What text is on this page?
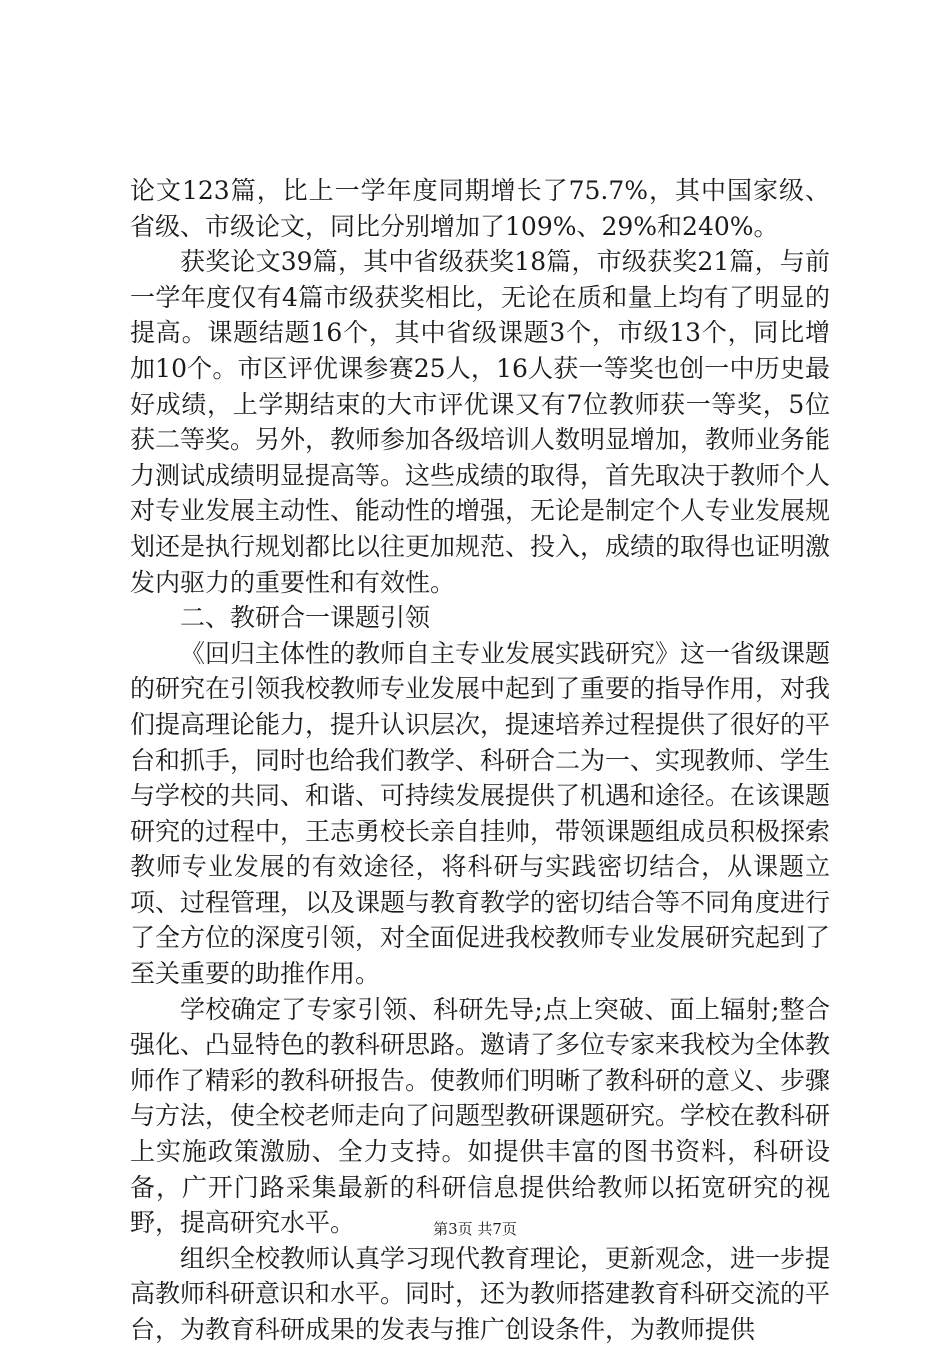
论文123篇，比上一学年度同期增长了75.7%，其中国家级、省级、市级论文，同比分别增加了109%、29%和240%。

获奖论文39篇，其中省级获奖18篇，市级获奖21篇，与前一学年度仅有4篇市级获奖相比，无论在质和量上均有了明显的提高。课题结题16个，其中省级课题3个，市级13个，同比增加10个。市区评优课参赛25人，16人获一等奖也创一中历史最好成绩，上学期结束的大市评优课又有7位教师获一等奖，5位获二等奖。另外，教师参加各级培训人数明显增加，教师业务能力测试成绩明显提高等。这些成绩的取得，首先取决于教师个人对专业发展主动性、能动性的增强，无论是制定个人专业发展规划还是执行规划都比以往更加规范、投入，成绩的取得也证明激发内驱力的重要性和有效性。

二、教研合一课题引领

《回归主体性的教师自主专业发展实践研究》这一省级课题的研究在引领我校教师专业发展中起到了重要的指导作用，对我们提高理论能力，提升认识层次，提速培养过程提供了很好的平台和抓手，同时也给我们教学、科研合二为一、实现教师、学生与学校的共同、和谐、可持续发展提供了机遇和途径。在该课题研究的过程中，王志勇校长亲自挂帅，带领课题组成员积极探索教师专业发展的有效途径，将科研与实践密切结合，从课题立项、过程管理，以及课题与教育教学的密切结合等不同角度进行了全方位的深度引领，对全面促进我校教师专业发展研究起到了至关重要的助推作用。

学校确定了专家引领、科研先导;点上突破、面上辐射;整合强化、凸显特色的教科研思路。邀请了多位专家来我校为全体教师作了精彩的教科研报告。使教师们明晰了教科研的意义、步骤与方法，使全校老师走向了问题型教研课题研究。学校在教科研上实施政策激励、全力支持。如提供丰富的图书资料，科研设备，广开门路采集最新的科研信息提供给教师以拓宽研究的视野，提高研究水平。

组织全校教师认真学习现代教育理论，更新观念，进一步提高教师科研意识和水平。同时，还为教师搭建教育科研交流的平台，为教育科研成果的发表与推广创设条件，为教师提供

第3页 共7页
